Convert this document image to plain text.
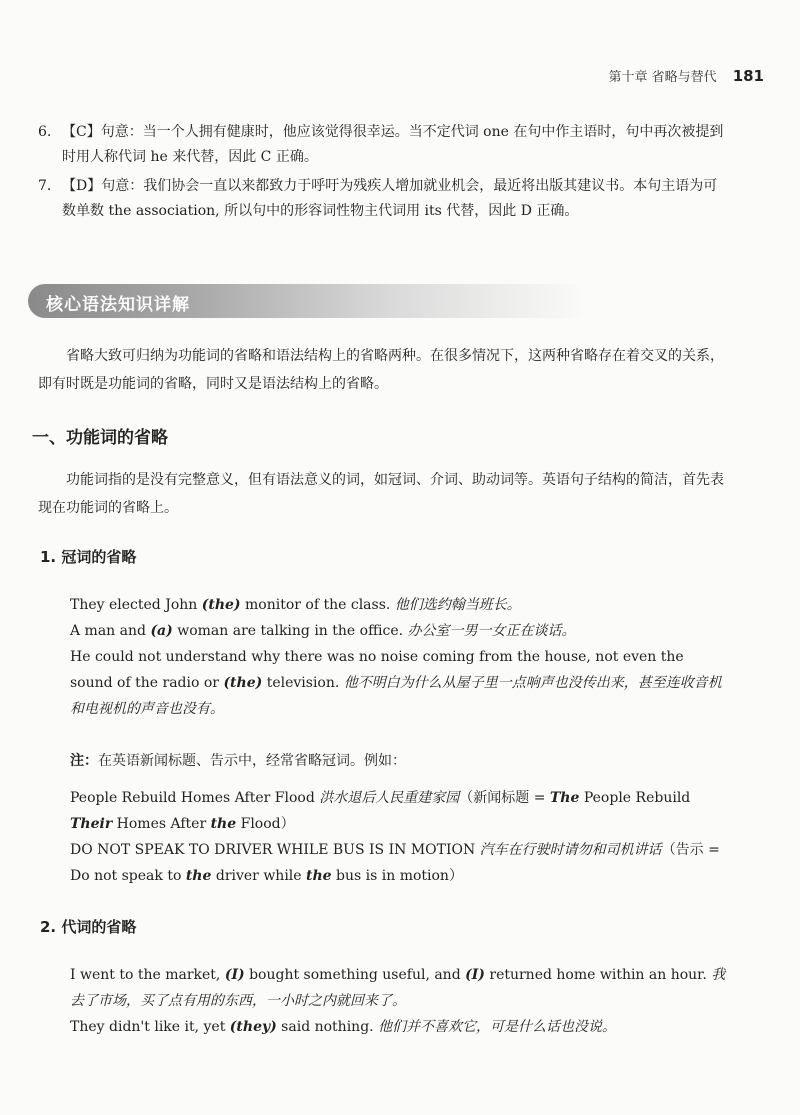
第十章 省略与替代 181
6. 【C】句意：当一个人拥有健康时，他应该觉得很幸运。当不定代词 one 在句中作主语时，句中再次被提到时用人称代词 he 来代替，因此 C 正确。
7. 【D】句意：我们协会一直以来都致力于呼吁为残疾人增加就业机会，最近将出版其建议书。本句主语为可数单数 the association, 所以句中的形容词性物主代词用 its 代替，因此 D 正确。
核心语法知识详解

省略大致可归纳为功能词的省略和语法结构上的省略两种。在很多情况下，这两种省略存在着交叉的关系，即有时既是功能词的省略，同时又是语法结构上的省略。

一、功能词的省略

功能词指的是没有完整意义，但有语法意义的词，如冠词、介词、助动词等。英语句子结构的简洁，首先表现在功能词的省略上。

1. 冠词的省略
They elected John (the) monitor of the class. 他们选约翰当班长。
A man and (a) woman are talking in the office. 办公室一男一女正在谈话。
He could not understand why there was no noise coming from the house, not even the sound of the radio or (the) television. 他不明白为什么从屋子里一点响声也没传出来，甚至连收音机和电视机的声音也没有。
注：在英语新闻标题、告示中，经常省略冠词。例如：
People Rebuild Homes After Flood 洪水退后人民重建家园（新闻标题 = The People Rebuild Their Homes After the Flood）
DO NOT SPEAK TO DRIVER WHILE BUS IS IN MOTION 汽车在行驶时请勿和司机讲话（告示 = Do not speak to the driver while the bus is in motion）
2. 代词的省略
I went to the market, (I) bought something useful, and (I) returned home within an hour. 我去了市场，买了点有用的东西，一小时之内就回来了。
They didn't like it, yet (they) said nothing. 他们并不喜欢它，可是什么话也没说。
